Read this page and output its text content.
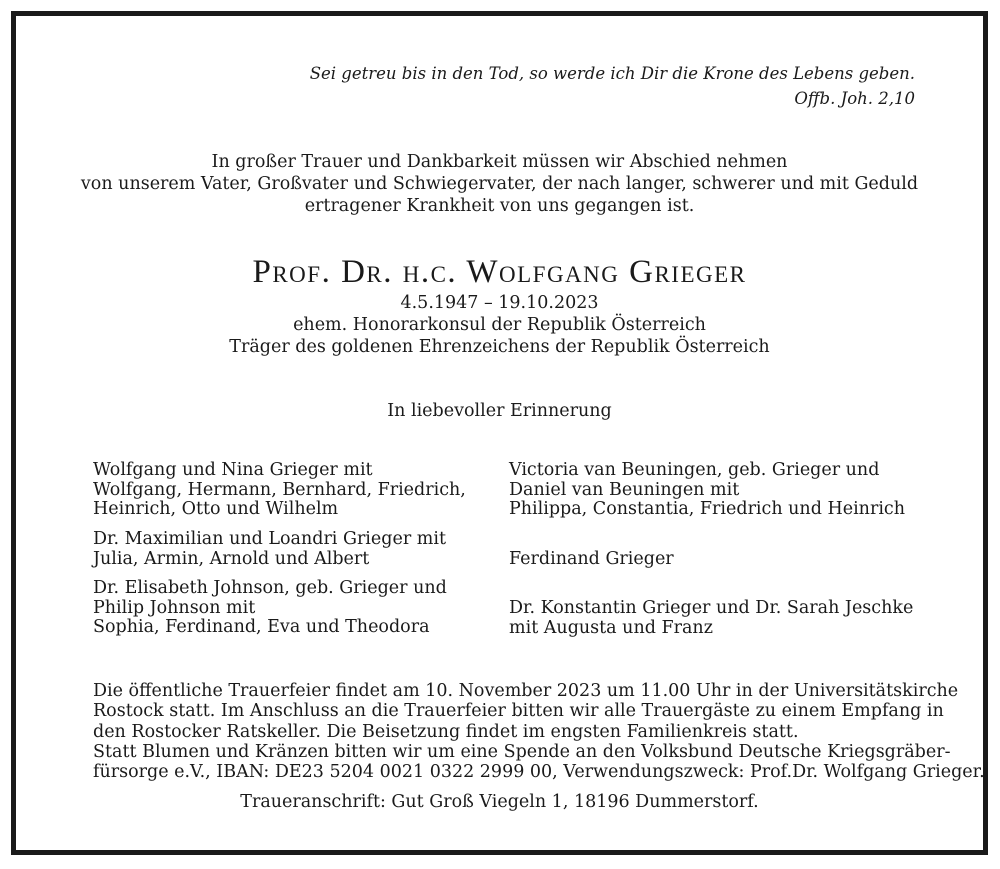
Sei getreu bis in den Tod, so werde ich Dir die Krone des Lebens geben.
Offb. Joh. 2,10
In großer Trauer und Dankbarkeit müssen wir Abschied nehmen
von unserem Vater, Großvater und Schwiegervater, der nach langer, schwerer und mit Geduld
ertragener Krankheit von uns gegangen ist.
Prof. Dr. h.c. Wolfgang Grieger
4.5.1947 – 19.10.2023
ehem. Honorarkonsul der Republik Österreich
Träger des goldenen Ehrenzeichens der Republik Österreich
In liebevoller Erinnerung
Wolfgang und Nina Grieger mit
Wolfgang, Hermann, Bernhard, Friedrich,
Heinrich, Otto und Wilhelm
Dr. Maximilian und Loandri Grieger mit
Julia, Armin, Arnold und Albert
Dr. Elisabeth Johnson, geb. Grieger und
Philip Johnson mit
Sophia, Ferdinand, Eva und Theodora
Victoria van Beuningen, geb. Grieger und
Daniel van Beuningen mit
Philippa, Constantia, Friedrich und Heinrich
Ferdinand Grieger
Dr. Konstantin Grieger und Dr. Sarah Jeschke
mit Augusta und Franz
Die öffentliche Trauerfeier findet am 10. November 2023 um 11.00 Uhr in der Universitätskirche
Rostock statt. Im Anschluss an die Trauerfeier bitten wir alle Trauergäste zu einem Empfang in
den Rostocker Ratskeller. Die Beisetzung findet im engsten Familienkreis statt.
Statt Blumen und Kränzen bitten wir um eine Spende an den Volksbund Deutsche Kriegsgräber-
fürsorge e.V., IBAN: DE23 5204 0021 0322 2999 00, Verwendungszweck: Prof.Dr. Wolfgang Grieger.
Traueranschrift: Gut Groß Viegeln 1, 18196 Dummerstorf.
